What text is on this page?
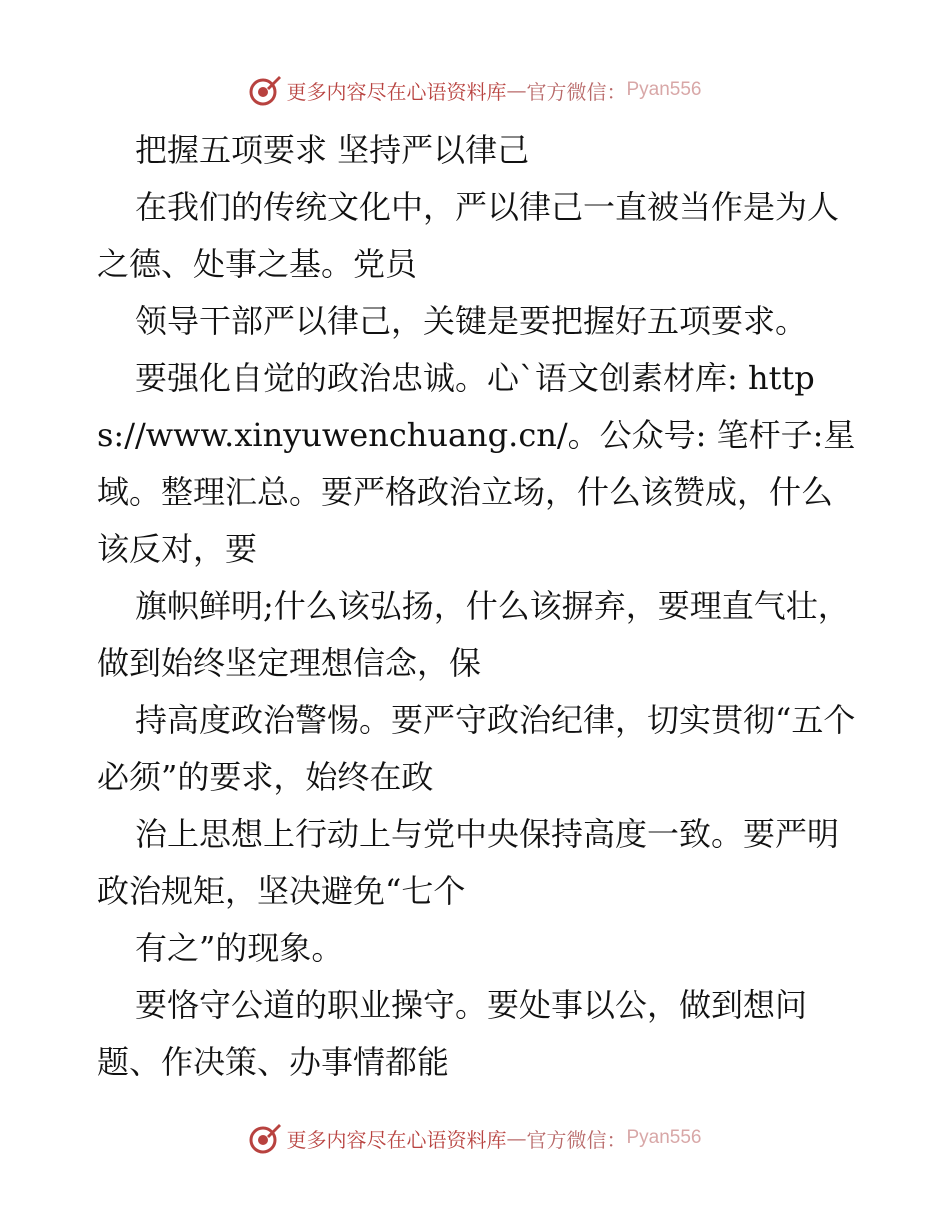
更多内容尽在心语资料库 — 官方微信： Pyan556

把握五项要求 坚持严以律己

在我们的传统文化中，严以律己一直被当作是为人之德、处事之基。党员

领导干部严以律己，关键是要把握好五项要求。

要强化自觉的政治忠诚。心`语文创素材库: https://www.xinyuwenchuang.cn/。公众号: 笔杆子:星域。整理汇总。要严格政治立场，什么该赞成，什么该反对，要

旗帜鲜明;什么该弘扬，什么该摒弃，要理直气壮，做到始终坚定理想信念，保

持高度政治警惕。要严守政治纪律，切实贯彻“五个必须”的要求，始终在政

治上思想上行动上与党中央保持高度一致。要严明政治规矩，坚决避免“七个

有之”的现象。

要恪守公道的职业操守。要处事以公，做到想问题、作决策、办事情都能

更多内容尽在心语资料库 — 官方微信： Pyan556
